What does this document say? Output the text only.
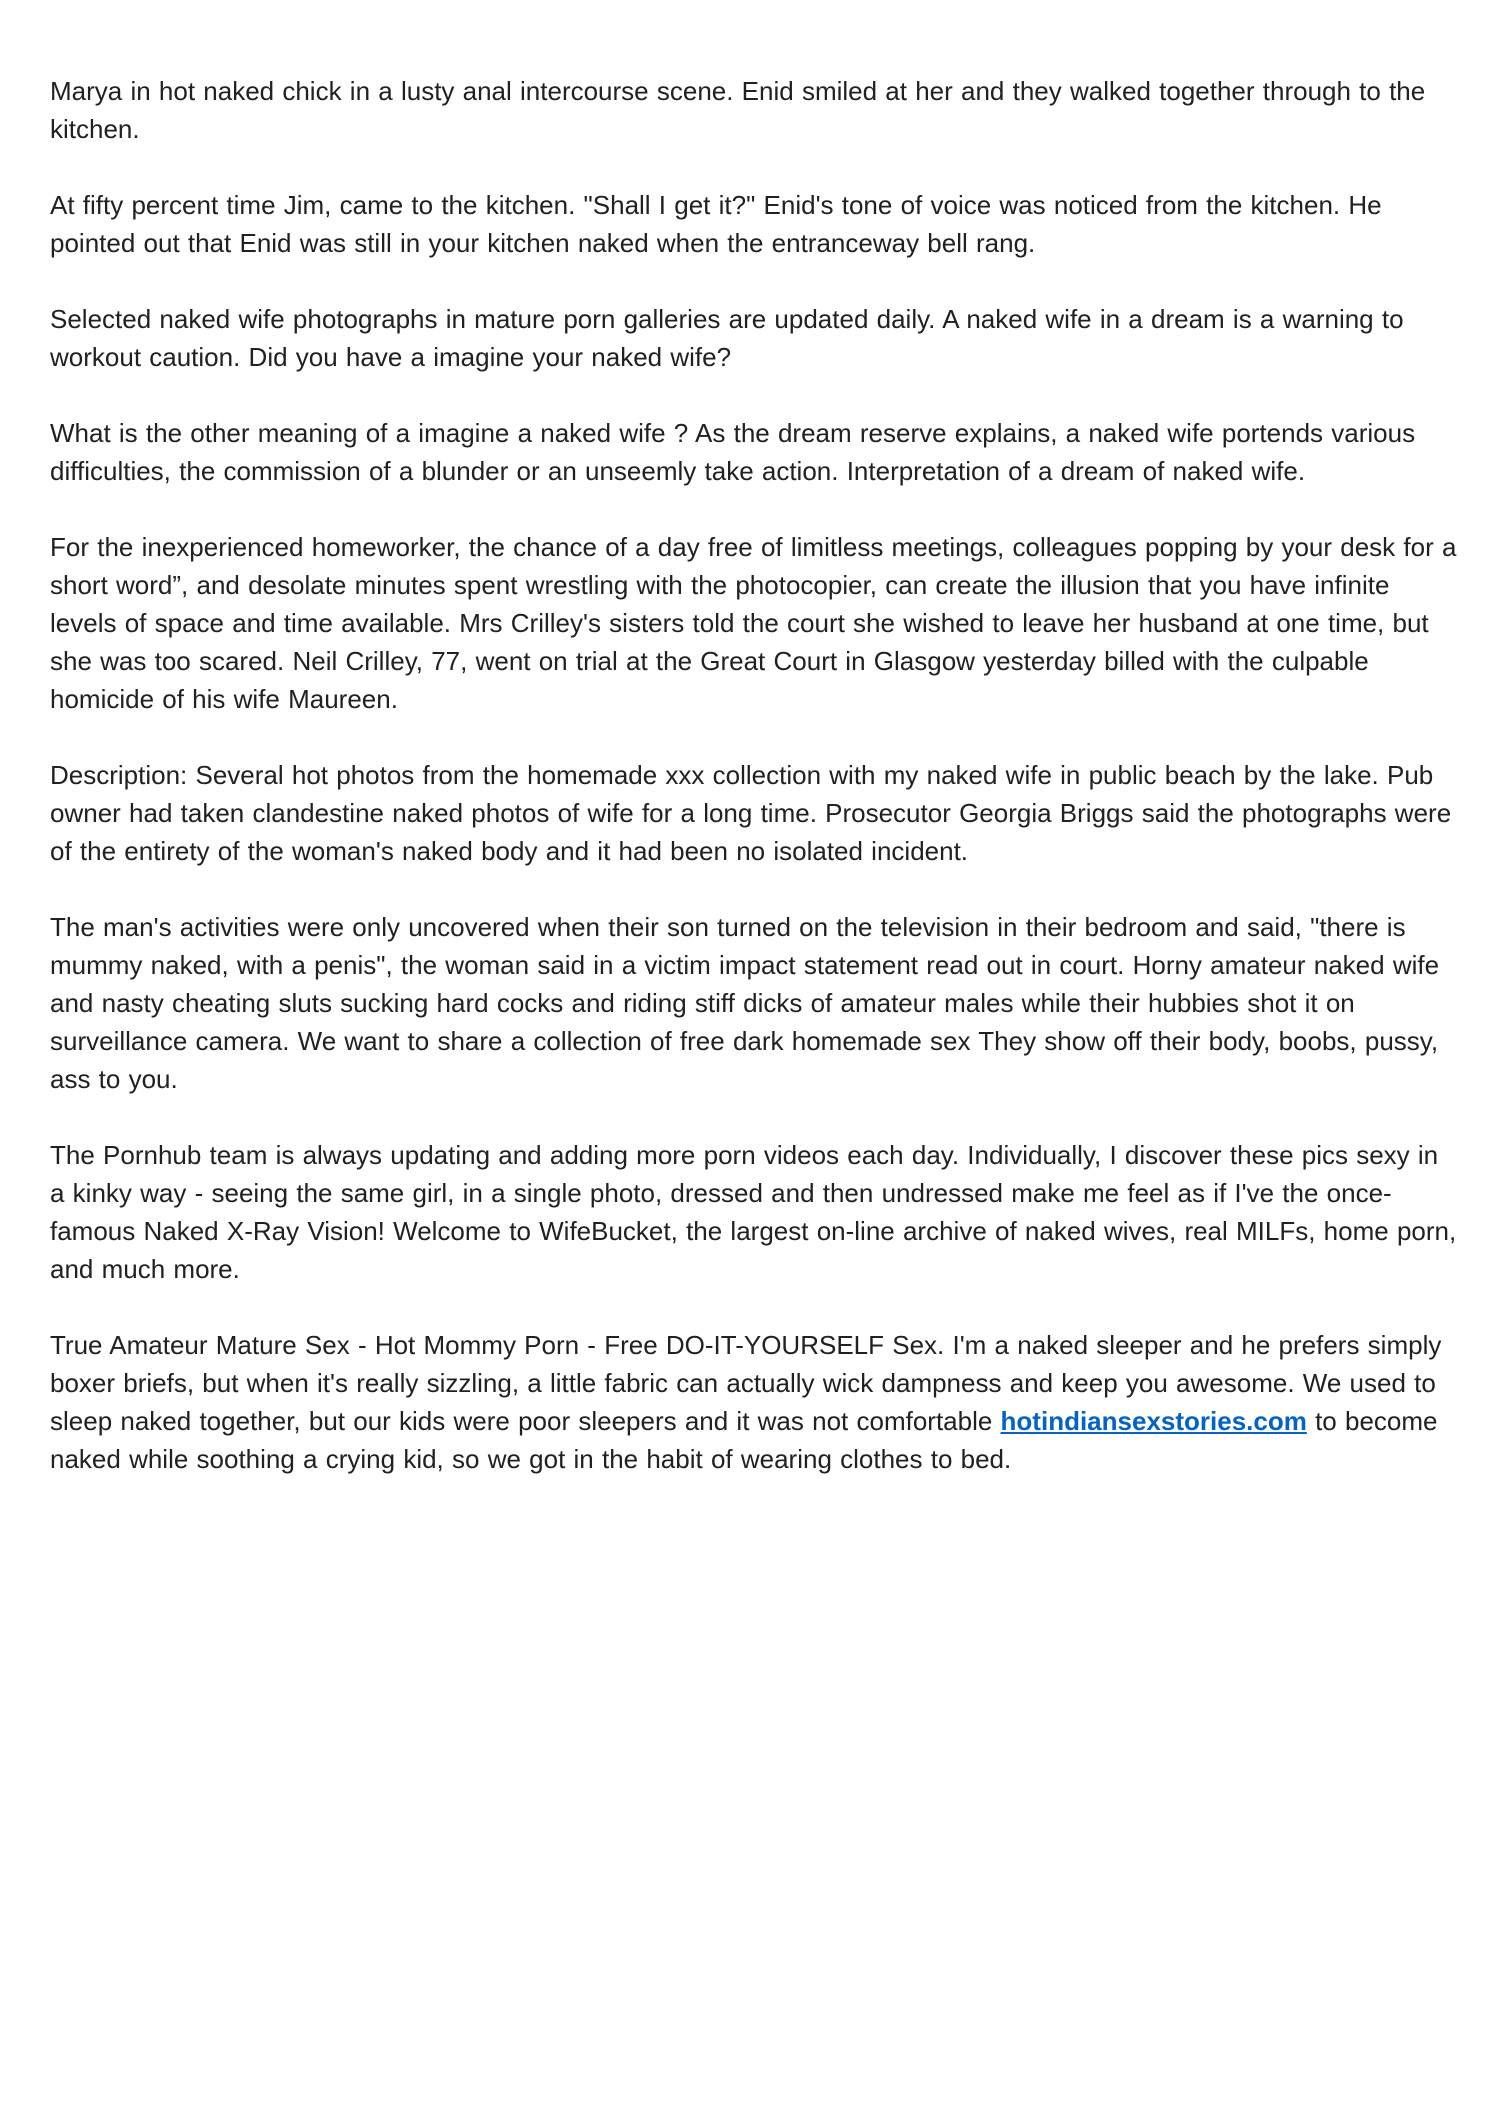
Marya in hot naked chick in a lusty anal intercourse scene. Enid smiled at her and they walked together through to the kitchen.

At fifty percent time Jim, came to the kitchen. "Shall I get it?" Enid's tone of voice was noticed from the kitchen. He pointed out that Enid was still in your kitchen naked when the entranceway bell rang.

Selected naked wife photographs in mature porn galleries are updated daily. A naked wife in a dream is a warning to workout caution. Did you have a imagine your naked wife?

What is the other meaning of a imagine a naked wife ? As the dream reserve explains, a naked wife portends various difficulties, the commission of a blunder or an unseemly take action. Interpretation of a dream of naked wife.

For the inexperienced homeworker, the chance of a day free of limitless meetings, colleagues popping by your desk for a short word”, and desolate minutes spent wrestling with the photocopier, can create the illusion that you have infinite levels of space and time available. Mrs Crilley's sisters told the court she wished to leave her husband at one time, but she was too scared. Neil Crilley, 77, went on trial at the Great Court in Glasgow yesterday billed with the culpable homicide of his wife Maureen.

Description: Several hot photos from the homemade xxx collection with my naked wife in public beach by the lake. Pub owner had taken clandestine naked photos of wife for a long time. Prosecutor Georgia Briggs said the photographs were of the entirety of the woman's naked body and it had been no isolated incident.

The man's activities were only uncovered when their son turned on the television in their bedroom and said, "there is mummy naked, with a penis", the woman said in a victim impact statement read out in court. Horny amateur naked wife and nasty cheating sluts sucking hard cocks and riding stiff dicks of amateur males while their hubbies shot it on surveillance camera. We want to share a collection of free dark homemade sex They show off their body, boobs, pussy, ass to you.

The Pornhub team is always updating and adding more porn videos each day. Individually, I discover these pics sexy in a kinky way - seeing the same girl, in a single photo, dressed and then undressed make me feel as if I've the once-famous Naked X-Ray Vision! Welcome to WifeBucket, the largest on-line archive of naked wives, real MILFs, home porn, and much more.

True Amateur Mature Sex - Hot Mommy Porn - Free DO-IT-YOURSELF Sex. I'm a naked sleeper and he prefers simply boxer briefs, but when it's really sizzling, a little fabric can actually wick dampness and keep you awesome. We used to sleep naked together, but our kids were poor sleepers and it was not comfortable hotindiansexstories.com to become naked while soothing a crying kid, so we got in the habit of wearing clothes to bed.
